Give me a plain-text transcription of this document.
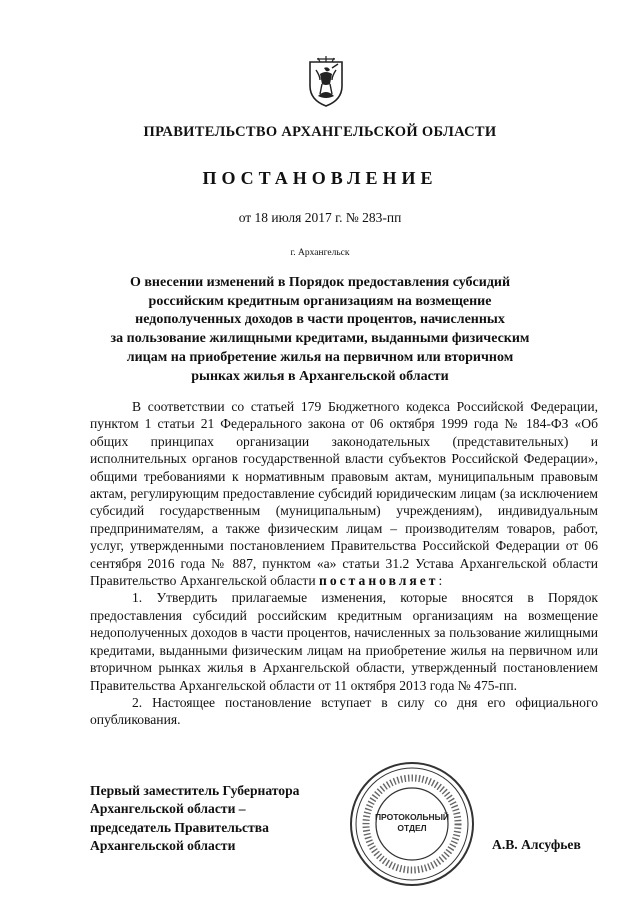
ПРАВИТЕЛЬСТВО АРХАНГЕЛЬСКОЙ ОБЛАСТИ
ПОСТАНОВЛЕНИЕ
от 18 июля 2017 г. № 283-пп
г. Архангельск
О внесении изменений в Порядок предоставления субсидий
российским кредитным организациям на возмещение
недополученных доходов в части процентов, начисленных
за пользование жилищными кредитами, выданными физическим
лицам на приобретение жилья на первичном или вторичном
рынках жилья в Архангельской области

В соответствии со статьей 179 Бюджетного кодекса Российской Федерации, пунктом 1 статьи 21 Федерального закона от 06 октября 1999 года № 184-ФЗ «Об общих принципах организации законодательных (представительных) и исполнительных органов государственной власти субъектов Российской Федерации», общими требованиями к нормативным правовым актам, муниципальным правовым актам, регулирующим предоставление субсидий юридическим лицам (за исключением субсидий государственным (муниципальным) учреждениям), индивидуальным предпринимателям, а также физическим лицам – производителям товаров, работ, услуг, утвержденными постановлением Правительства Российской Федерации от 06 сентября 2016 года № 887, пунктом «а» статьи 31.2 Устава Архангельской области Правительство Архангельской области постановляет:

1. Утвердить прилагаемые изменения, которые вносятся в Порядок предоставления субсидий российским кредитным организациям на возмещение недополученных доходов в части процентов, начисленных за пользование жилищными кредитами, выданными физическим лицам на приобретение жилья на первичном или вторичном рынках жилья в Архангельской области, утвержденный постановлением Правительства Архангельской области от 11 октября 2013 года № 475-пп.

2. Настоящее постановление вступает в силу со дня его официального опубликования.

Первый заместитель Губернатора
Архангельской области –
председатель Правительства
Архангельской области
ПРОТОКОЛЬНЫЙ
ОТДЕЛ
А.В. Алсуфьев
